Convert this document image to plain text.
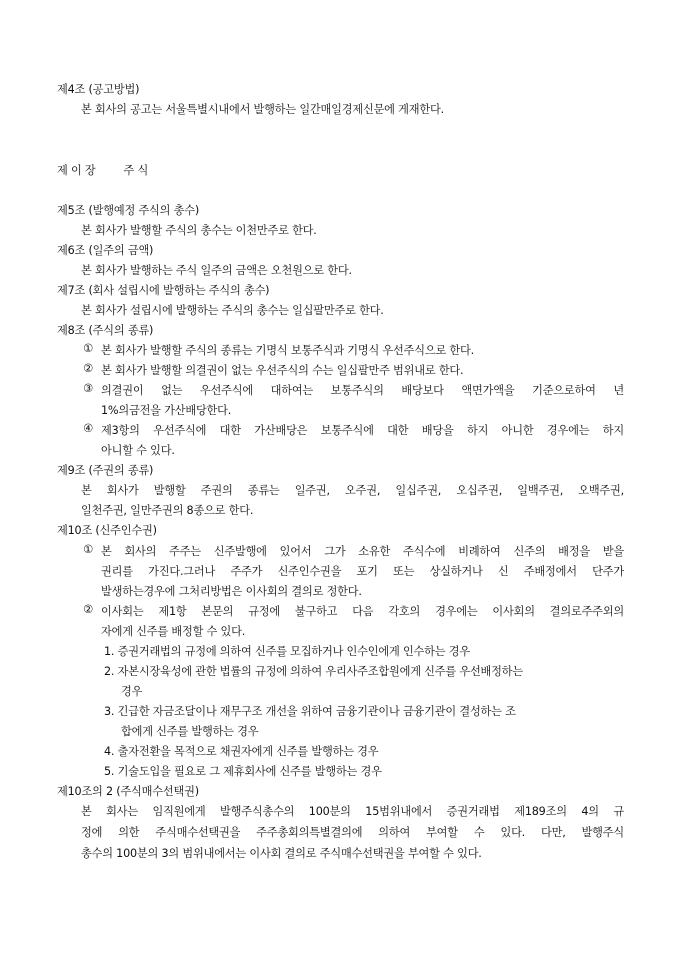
제4조 (공고방법)
본 회사의 공고는 서울특별시내에서 발행하는 일간매일경제신문에 게재한다.
제 이 장	주 식
제5조 (발행예정 주식의 총수)
본 회사가 발행할 주식의 총수는 이천만주로 한다.
제6조 (일주의 금액)
본 회사가 발행하는 주식 일주의 금액은 오천원으로 한다.
제7조 (회사 설립시에 발행하는 주식의 총수)
본 회사가 설립시에 발행하는 주식의 총수는 일십팔만주로 한다.
제8조 (주식의 종류)
① 본 회사가 발행할 주식의 종류는 기명식 보통주식과 기명식 우선주식으로 한다.
② 본 회사가 발행할 의결권이 없는 우선주식의 수는 일십팔만주 범위내로 한다.
③ 의결권이 없는 우선주식에 대하여는 보통주식의 배당보다 액면가액을 기준으로하여 년
1%의금전을 가산배당한다.
④ 제3항의 우선주식에 대한 가산배당은 보통주식에 대한 배당을 하지 아니한 경우에는 하지
아니할 수 있다.
제9조 (주권의 종류)
본 회사가 발행할 주권의 종류는 일주권, 오주권, 일십주권, 오십주권, 일백주권, 오백주권,
일천주권, 일만주권의 8종으로 한다.
제10조 (신주인수권)
① 본 회사의 주주는 신주발행에 있어서 그가 소유한 주식수에 비례하여 신주의 배정을 받을
권리를 가진다.그러나 주주가 신주인수권을 포기 또는 상실하거나 신 주배정에서 단주가
발생하는경우에 그처리방법은 이사회의 결의로 정한다.
② 이사회는 제1항 본문의 규정에 불구하고 다음 각호의 경우에는 이사회의 결의로주주외의
자에게 신주를 배정할 수 있다.
1. 증권거래법의 규정에 의하여 신주를 모집하거나 인수인에게 인수하는 경우
2. 자본시장육성에 관한 법률의 규정에 의하여 우리사주조합원에게 신주를 우선배정하는
경우
3. 긴급한 자금조달이나 재무구조 개선을 위하여 금융기관이나 금융기관이 결성하는 조
합에게 신주를 발행하는 경우
4. 출자전환을 목적으로 채권자에게 신주를 발행하는 경우
5. 기술도입을 필요로 그 제휴회사에 신주를 발행하는 경우
제10조의 2 (주식매수선택권)
본 회사는 임직원에게 발행주식총수의 100분의 15범위내에서 증권거래법 제189조의 4의 규
정에 의한 주식매수선택권을 주주총회의특별결의에 의하여 부여할 수 있다. 다만, 발행주식
총수의 100분의 3의 범위내에서는 이사회 결의로 주식매수선택권을 부여할 수 있다.
